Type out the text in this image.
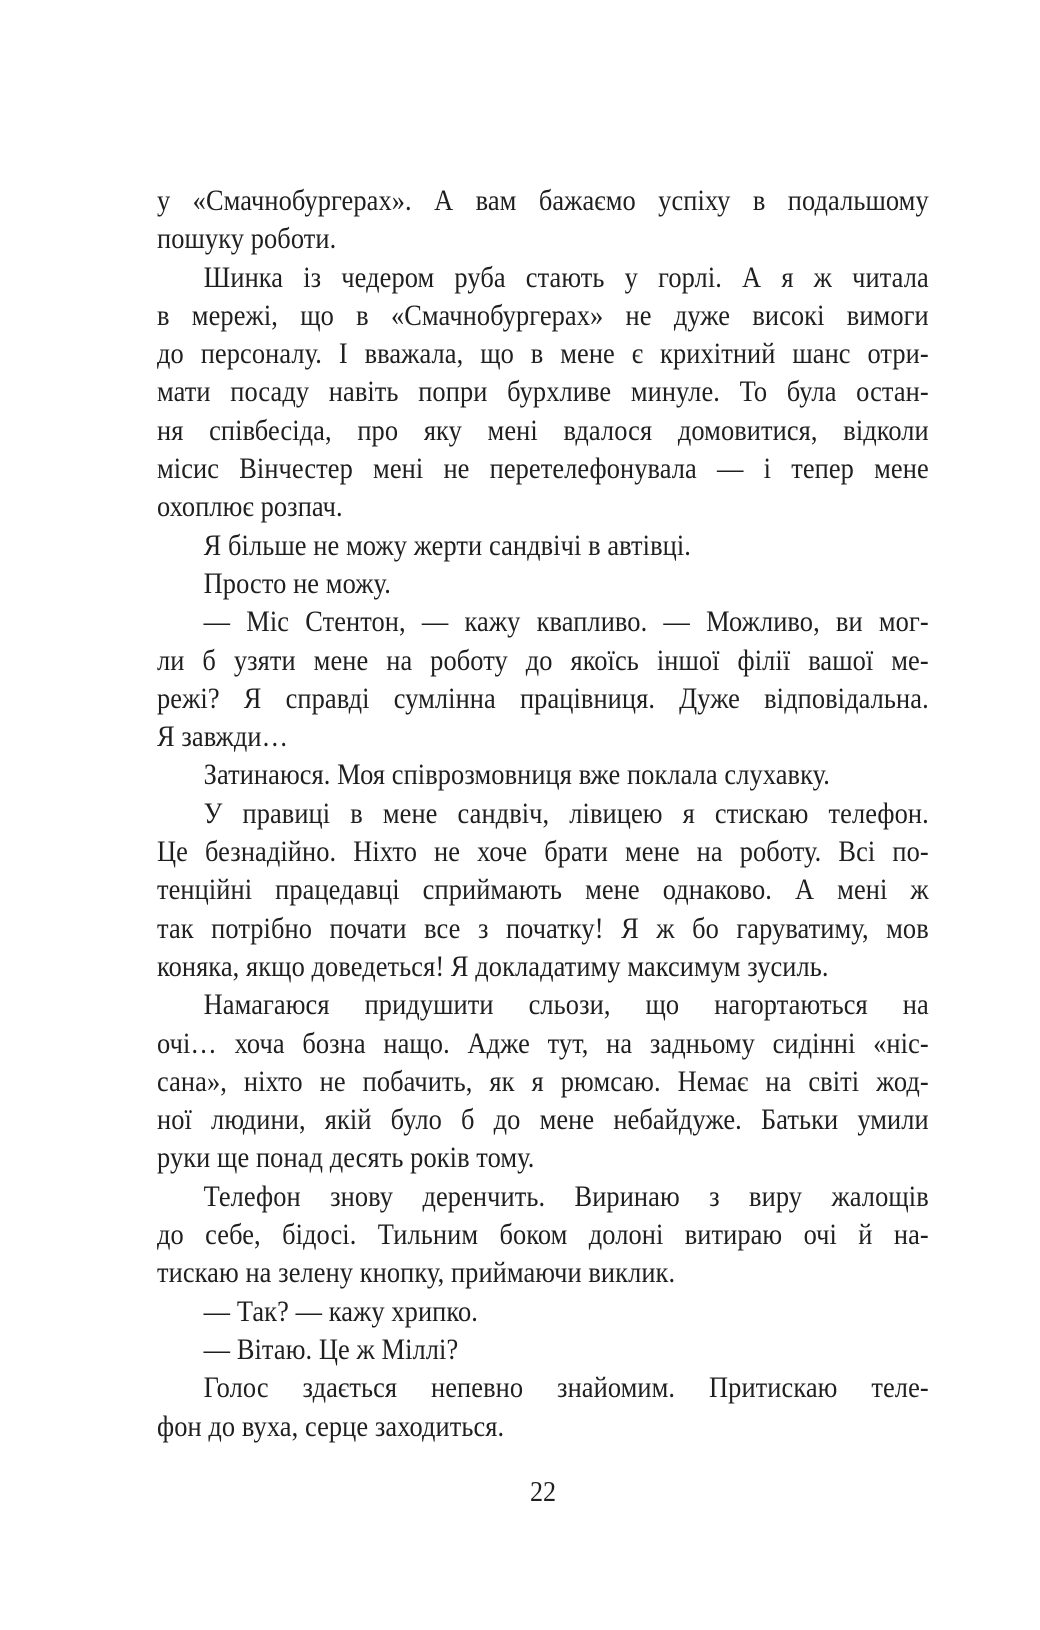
у «Смачнобургерах». А вам бажаємо успіху в подальшому
пошуку роботи.

Шинка із чедером руба стають у горлі. А я ж читала
в мережі, що в «Смачнобургерах» не дуже високі вимоги
до персоналу. І вважала, що в мене є крихітний шанс отри-
мати посаду навіть попри бурхливе минуле. То була остан-
ня співбесіда, про яку мені вдалося домовитися, відколи
місис Вінчестер мені не перетелефонувала — і тепер мене
охоплює розпач.

Я більше не можу жерти сандвічі в автівці.

Просто не можу.

— Міс Стентон, — кажу квапливо. — Можливо, ви мог-
ли б узяти мене на роботу до якоїсь іншої філії вашої ме-
режі? Я справді сумлінна працівниця. Дуже відповідальна.
Я завжди…

Затинаюся. Моя співрозмовниця вже поклала слухавку.

У правиці в мене сандвіч, лівицею я стискаю телефон.
Це безнадійно. Ніхто не хоче брати мене на роботу. Всі по-
тенційні працедавці сприймають мене однаково. А мені ж
так потрібно почати все з початку! Я ж бо гаруватиму, мов
коняка, якщо доведеться! Я докладатиму максимум зусиль.

Намагаюся придушити сльози, що нагортаються на
очі… хоча бозна нащо. Адже тут, на задньому сидінні «ніс-
сана», ніхто не побачить, як я рюмсаю. Немає на світі жод-
ної людини, якій було б до мене небайдуже. Батьки умили
руки ще понад десять років тому.

Телефон знову деренчить. Виринаю з виру жалощів
до себе, бідосі. Тильним боком долоні витираю очі й на-
тискаю на зелену кнопку, приймаючи виклик.

— Так? — кажу хрипко.

— Вітаю. Це ж Міллі?

Голос здається непевно знайомим. Притискаю теле-
фон до вуха, серце заходиться.

22
